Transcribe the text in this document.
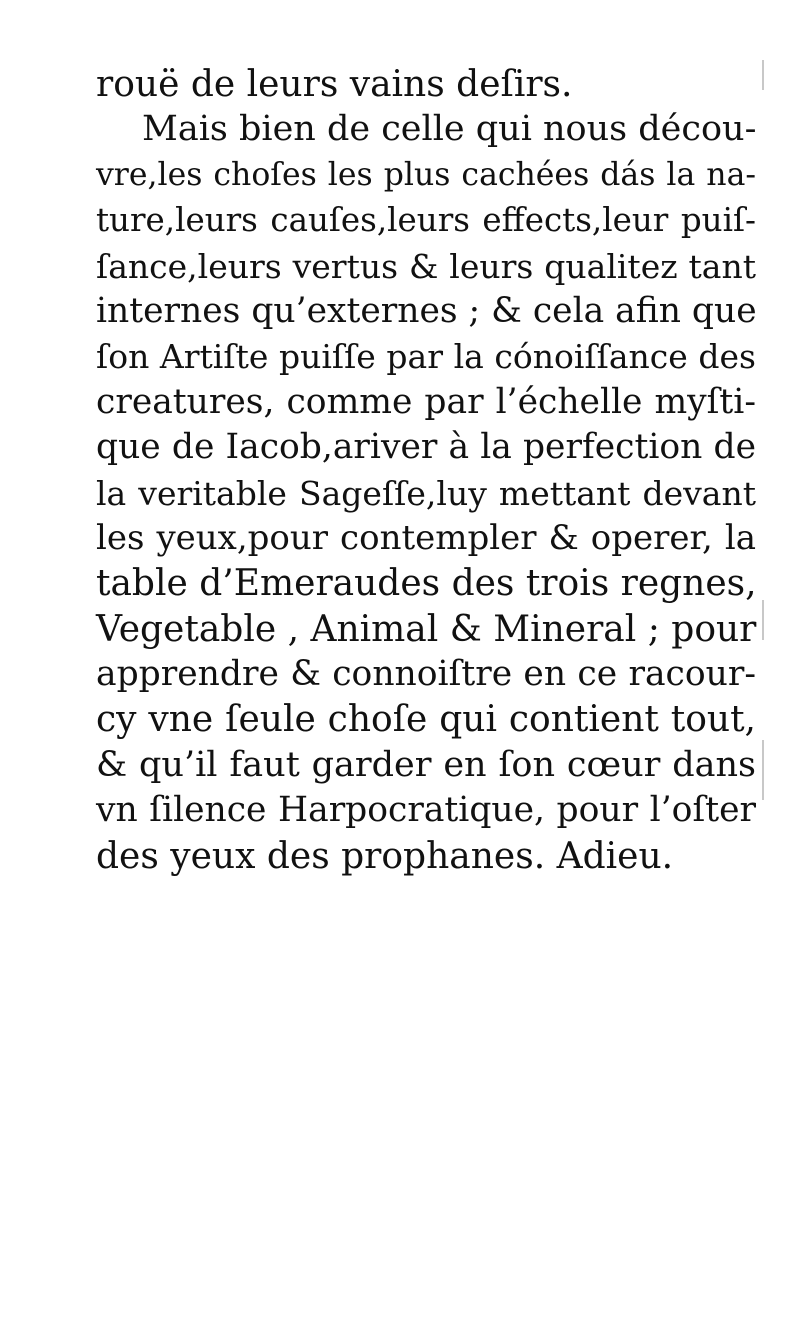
rouë de leurs vains deſirs.
Mais bien de celle qui nous décou-
vre,les choſes les plus cachées dás la na-
ture,leurs cauſes,leurs effects,leur puiſ-
ſance,leurs vertus & leurs qualitez tant
internes qu’externes ; & cela afin que
ſon Artiſte puiſſe par la cónoiſſance des
creatures, comme par l’échelle myſti-
que de Iacob,ariver à la perfection de
la veritable Sageſſe,luy mettant devant
les yeux,pour contempler & operer, la
table d’Emeraudes des trois regnes,
Vegetable , Animal & Mineral ; pour
apprendre & connoiſtre en ce racour-
cy vne ſeule choſe qui contient tout,
& qu’il faut garder en ſon cœur dans
vn ſilence Harpocratique, pour l’oſter
des yeux des prophanes. Adieu.
